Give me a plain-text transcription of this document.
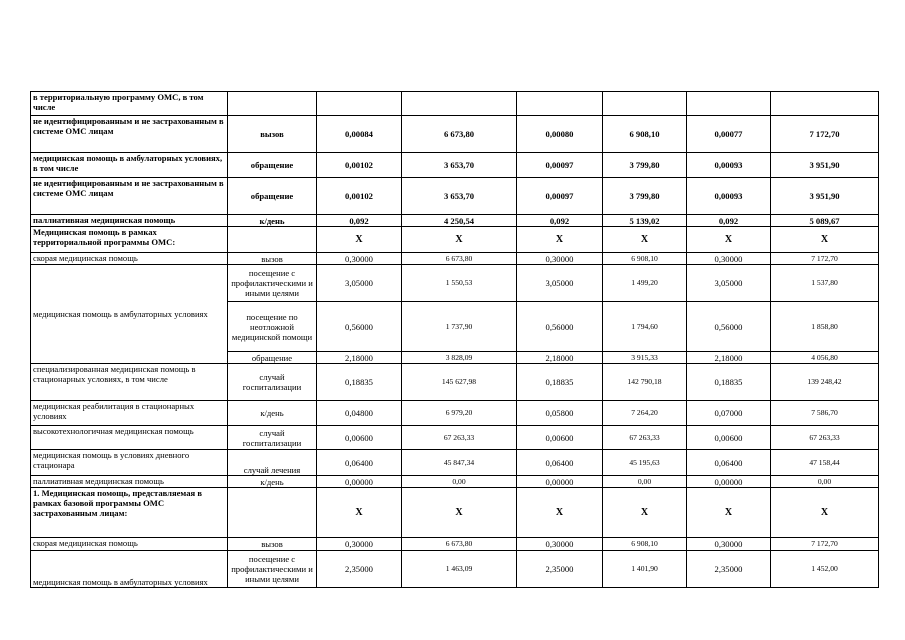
в территориальную программу ОМС, в том числе							
не идентифицированным и не застрахованным в системе ОМС лицам	вызов	0,00084	6 673,80	0,00080	6 908,10	0,00077	7 172,70
медицинская помощь в амбулаторных условиях, в том числе	обращение	0,00102	3 653,70	0,00097	3 799,80	0,00093	3 951,90
не идентифицированным и не застрахованным в системе ОМС лицам	обращение	0,00102	3 653,70	0,00097	3 799,80	0,00093	3 951,90
паллиативная медицинская помощь	к/день	0,092	4 250,54	0,092	5 139,02	0,092	5 089,67
Медицинская помощь в рамках территориальной программы ОМС:		X	X	X	X	X	X
скорая медицинская помощь	вызов	0,30000	6 673,80	0,30000	6 908,10	0,30000	7 172,70
медицинская помощь в амбулаторных условиях	посещение с профилактическими и иными целями	3,05000	1 550,53	3,05000	1 499,20	3,05000	1 537,80
	посещение по неотложной медицинской помощи	0,56000	1 737,90	0,56000	1 794,60	0,56000	1 858,80
	обращение	2,18000	3 828,09	2,18000	3 915,33	2,18000	4 056,80
специализированная медицинская помощь в стационарных условиях, в том числе	случай госпитализации	0,18835	145 627,98	0,18835	142 790,18	0,18835	139 248,42
медицинская реабилитация в стационарных условиях	к/день	0,04800	6 979,20	0,05800	7 264,20	0,07000	7 586,70
высокотехнологичная медицинская помощь	случай госпитализации	0,00600	67 263,33	0,00600	67 263,33	0,00600	67 263,33
медицинская помощь в условиях дневного стационара	случай лечения	0,06400	45 847,34	0,06400	45 195,63	0,06400	47 158,44
паллиативная медицинская помощь	к/день	0,00000	0,00	0,00000	0,00	0,00000	0,00
1. Медицинская помощь, представляемая в рамках базовой программы ОМС застрахованным лицам:		X	X	X	X	X	X
скорая медицинская помощь	вызов	0,30000	6 673,80	0,30000	6 908,10	0,30000	7 172,70
медицинская помощь в амбулаторных условиях	посещение с профилактическими и иными целями	2,35000	1 463,09	2,35000	1 401,90	2,35000	1 452,00
